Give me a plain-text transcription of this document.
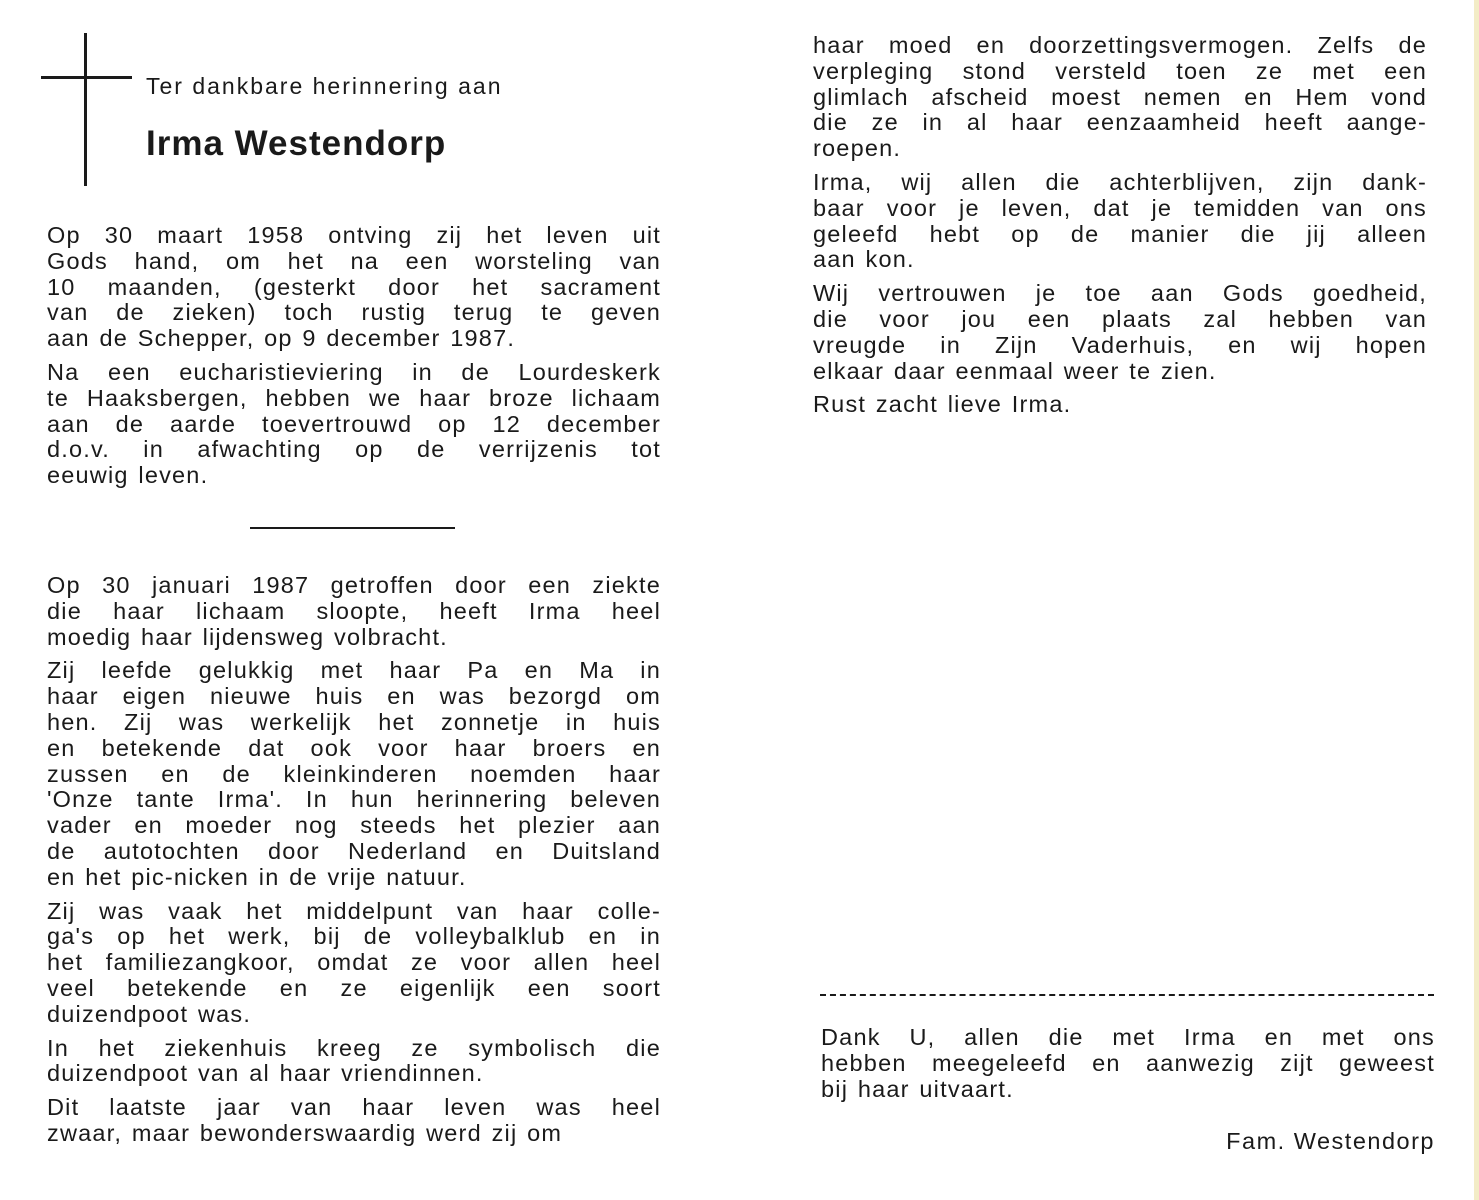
Ter dankbare herinnering aan
Irma Westendorp
Op 30 maart 1958 ontving zij het leven uit
Gods hand, om het na een worsteling van
10 maanden, (gesterkt door het sacrament
van de zieken) toch rustig terug te geven
aan de Schepper, op 9 december 1987.
Na een eucharistieviering in de Lourdeskerk
te Haaksbergen, hebben we haar broze lichaam
aan de aarde toevertrouwd op 12 december
d.o.v. in afwachting op de verrijzenis tot
eeuwig leven.
Op 30 januari 1987 getroffen door een ziekte
die haar lichaam sloopte, heeft Irma heel
moedig haar lijdensweg volbracht.
Zij leefde gelukkig met haar Pa en Ma in
haar eigen nieuwe huis en was bezorgd om
hen. Zij was werkelijk het zonnetje in huis
en betekende dat ook voor haar broers en
zussen en de kleinkinderen noemden haar
'Onze tante Irma'. In hun herinnering beleven
vader en moeder nog steeds het plezier aan
de autotochten door Nederland en Duitsland
en het pic-nicken in de vrije natuur.
Zij was vaak het middelpunt van haar colle-
ga's op het werk, bij de volleybalklub en in
het familiezangkoor, omdat ze voor allen heel
veel betekende en ze eigenlijk een soort
duizendpoot was.
In het ziekenhuis kreeg ze symbolisch die
duizendpoot van al haar vriendinnen.
Dit laatste jaar van haar leven was heel
zwaar, maar bewonderswaardig werd zij om
haar moed en doorzettingsvermogen. Zelfs de
verpleging stond versteld toen ze met een
glimlach afscheid moest nemen en Hem vond
die ze in al haar eenzaamheid heeft aange-
roepen.
Irma, wij allen die achterblijven, zijn dank-
baar voor je leven, dat je temidden van ons
geleefd hebt op de manier die jij alleen
aan kon.
Wij vertrouwen je toe aan Gods goedheid,
die voor jou een plaats zal hebben van
vreugde in Zijn Vaderhuis, en wij hopen
elkaar daar eenmaal weer te zien.
Rust zacht lieve Irma.
Dank U, allen die met Irma en met ons
hebben meegeleefd en aanwezig zijt geweest
bij haar uitvaart.
Fam. Westendorp
